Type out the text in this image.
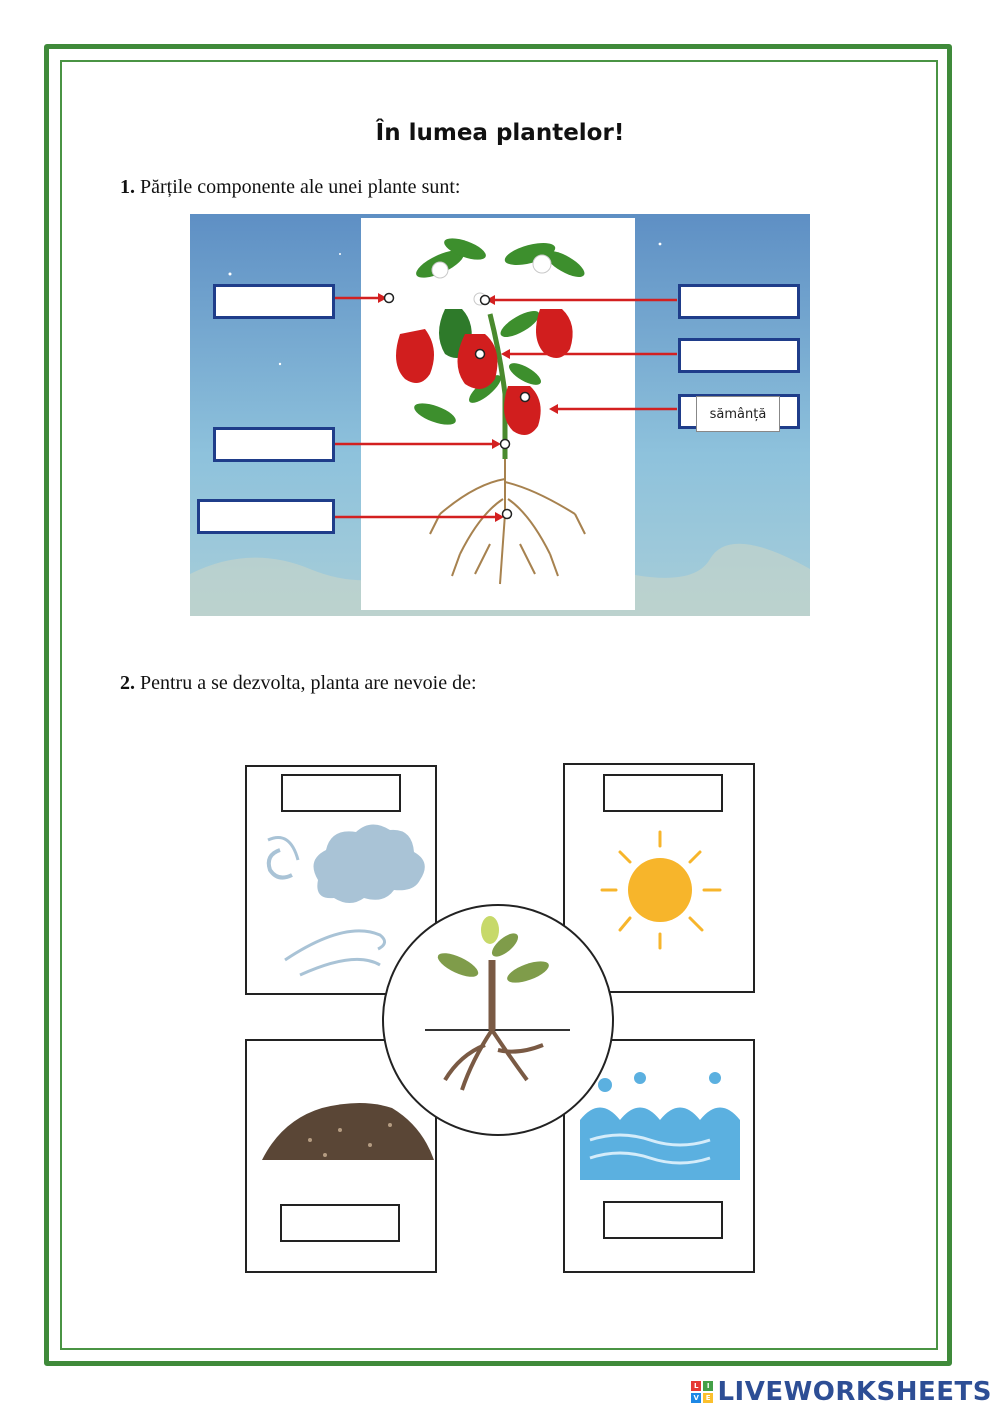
În lumea plantelor!
1. Părțile componente ale unei plante sunt:
sămânță
2. Pentru a se dezvolta, planta are nevoie de:
L	I
V E LIVEWORKSHEETS
